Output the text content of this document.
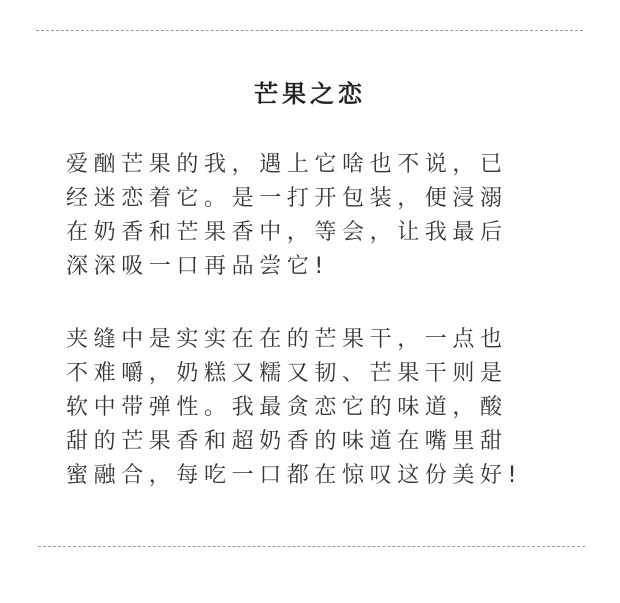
芒果之恋
爱酗芒果的我，遇上它啥也不说，已
经迷恋着它。是一打开包装，便浸溺
在奶香和芒果香中，等会，让我最后
深深吸一口再品尝它!
夹缝中是实实在在的芒果干，一点也
不难嚼，奶糕又糯又韧、芒果干则是
软中带弹性。我最贪恋它的味道，酸
甜的芒果香和超奶香的味道在嘴里甜
蜜融合，每吃一口都在惊叹这份美好!
